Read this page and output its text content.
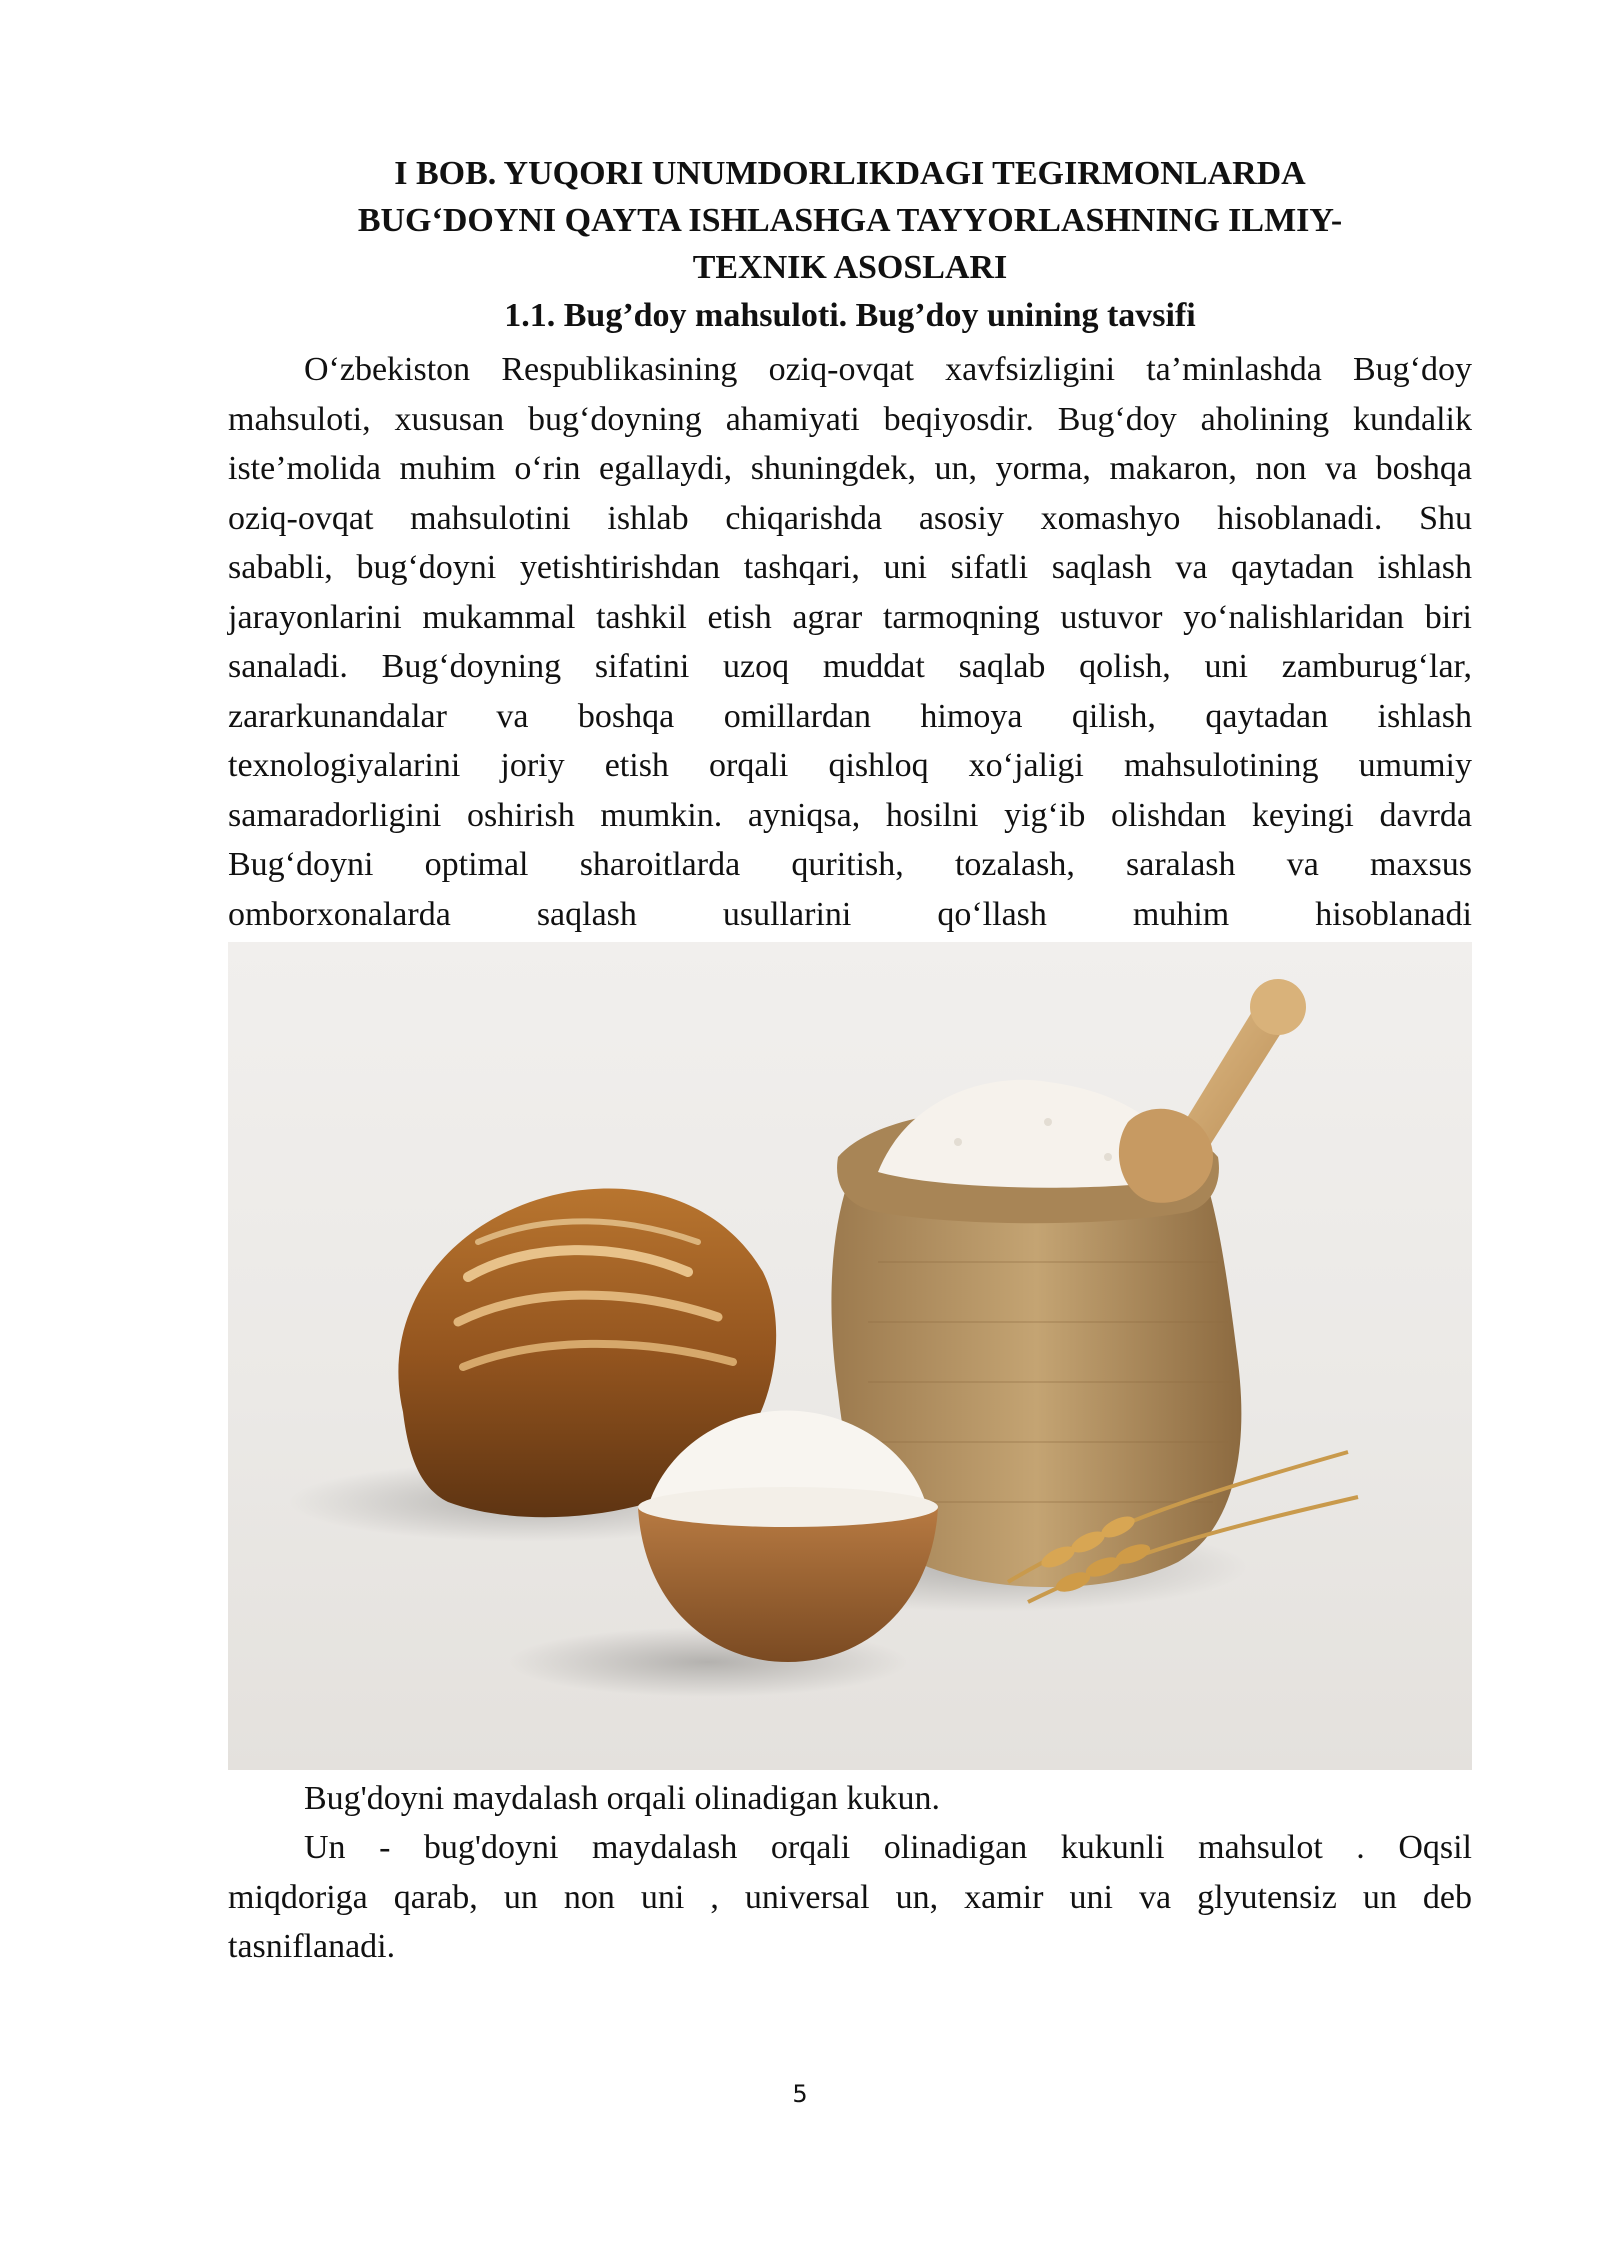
I BOB. YUQORI UNUMDORLIKDAGI TEGIRMONLARDA
BUG‘DOYNI QAYTA ISHLASHGA TAYYORLASHNING ILMIY-
TEXNIK ASOSLARI
1.1. Bug’doy mahsuloti. Bug’doy unining tavsifi
O‘zbekiston Respublikasining oziq-ovqat xavfsizligini ta’minlashda Bug‘doy
mahsuloti, xususan bug‘doyning ahamiyati beqiyosdir. Bug‘doy aholining kundalik
iste’molida muhim o‘rin egallaydi, shuningdek, un, yorma, makaron, non va boshqa
oziq-ovqat mahsulotini ishlab chiqarishda asosiy xomashyo hisoblanadi. Shu
sababli, bug‘doyni yetishtirishdan tashqari, uni sifatli saqlash va qaytadan ishlash
jarayonlarini mukammal tashkil etish agrar tarmoqning ustuvor yo‘nalishlaridan biri
sanaladi. Bug‘doyning sifatini uzoq muddat saqlab qolish, uni zamburug‘lar,
zararkunandalar va boshqa omillardan himoya qilish, qaytadan ishlash
texnologiyalarini joriy etish orqali qishloq xo‘jaligi mahsulotining umumiy
samaradorligini oshirish mumkin. ayniqsa, hosilni yig‘ib olishdan keyingi davrda
Bug‘doyni optimal sharoitlarda quritish, tozalash, saralash va maxsus
omborxonalarda saqlash usullarini qo‘llash muhim hisoblanadi
Bug'doyni maydalash orqali olinadigan kukun.
Un - bug'doyni maydalash orqali olinadigan kukunli mahsulot . Oqsil
miqdoriga qarab, un non uni , universal un, xamir uni va glyutensiz un deb
tasniflanadi.
5
